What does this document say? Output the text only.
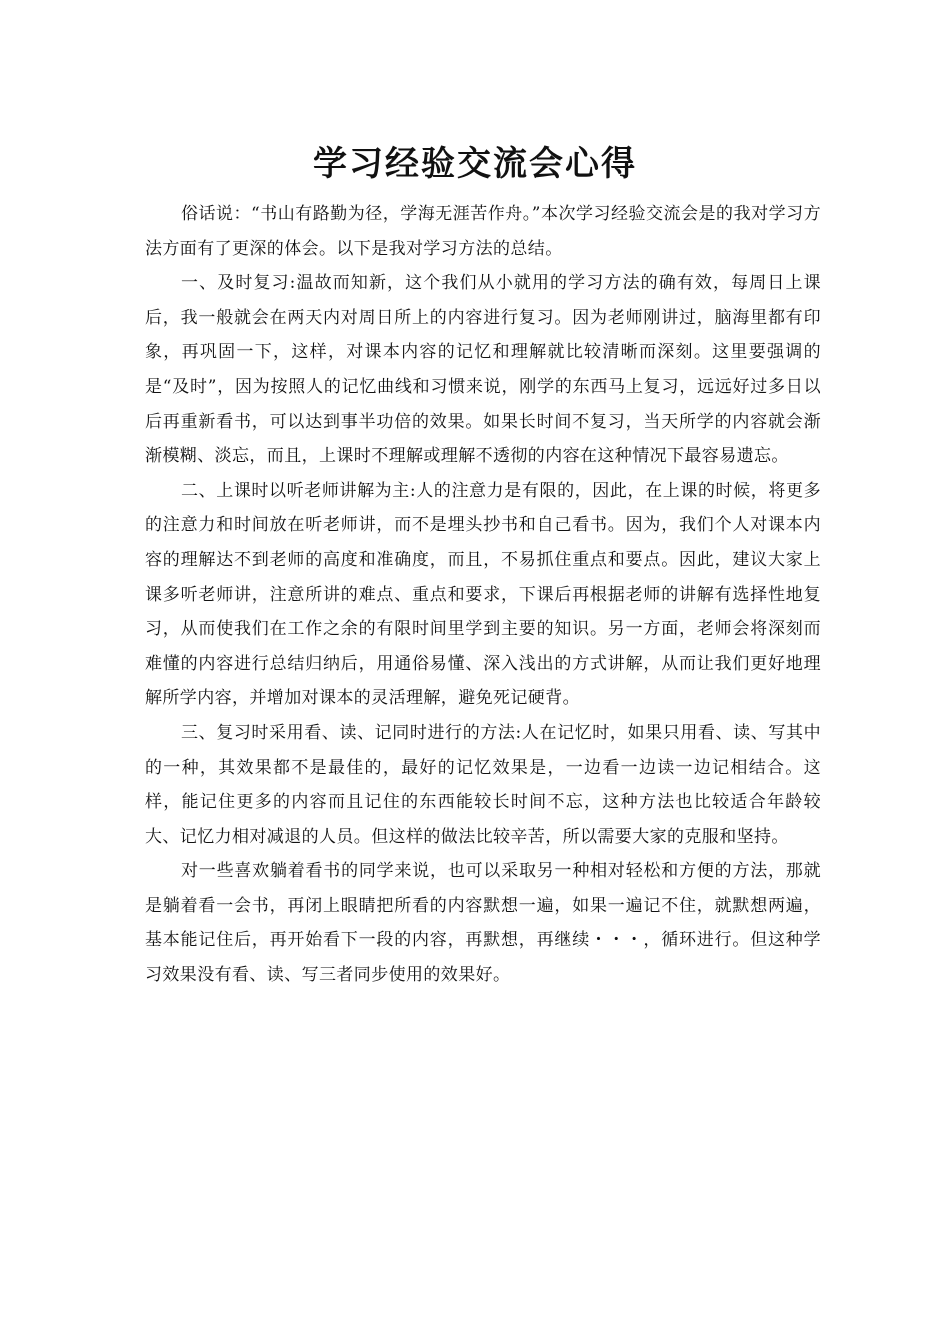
学习经验交流会心得

俗话说：“书山有路勤为径，学海无涯苦作舟。”本次学习经验交流会是的我对学习方法方面有了更深的体会。以下是我对学习方法的总结。

一、及时复习:温故而知新，这个我们从小就用的学习方法的确有效，每周日上课后，我一般就会在两天内对周日所上的内容进行复习。因为老师刚讲过，脑海里都有印象，再巩固一下，这样，对课本内容的记忆和理解就比较清晰而深刻。这里要强调的是“及时”，因为按照人的记忆曲线和习惯来说，刚学的东西马上复习，远远好过多日以后再重新看书，可以达到事半功倍的效果。如果长时间不复习，当天所学的内容就会渐渐模糊、淡忘，而且，上课时不理解或理解不透彻的内容在这种情况下最容易遗忘。

二、上课时以听老师讲解为主:人的注意力是有限的，因此，在上课的时候，将更多的注意力和时间放在听老师讲，而不是埋头抄书和自己看书。因为，我们个人对课本内容的理解达不到老师的高度和准确度，而且，不易抓住重点和要点。因此，建议大家上课多听老师讲，注意所讲的难点、重点和要求，下课后再根据老师的讲解有选择性地复习，从而使我们在工作之余的有限时间里学到主要的知识。另一方面，老师会将深刻而难懂的内容进行总结归纳后，用通俗易懂、深入浅出的方式讲解，从而让我们更好地理解所学内容，并增加对课本的灵活理解，避免死记硬背。

三、复习时采用看、读、记同时进行的方法:人在记忆时，如果只用看、读、写其中的一种，其效果都不是最佳的，最好的记忆效果是，一边看一边读一边记相结合。这样，能记住更多的内容而且记住的东西能较长时间不忘，这种方法也比较适合年龄较大、记忆力相对减退的人员。但这样的做法比较辛苦，所以需要大家的克服和坚持。

对一些喜欢躺着看书的同学来说，也可以采取另一种相对轻松和方便的方法，那就是躺着看一会书，再闭上眼睛把所看的内容默想一遍，如果一遍记不住，就默想两遍，基本能记住后，再开始看下一段的内容，再默想，再继续・・・，循环进行。但这种学习效果没有看、读、写三者同步使用的效果好。
